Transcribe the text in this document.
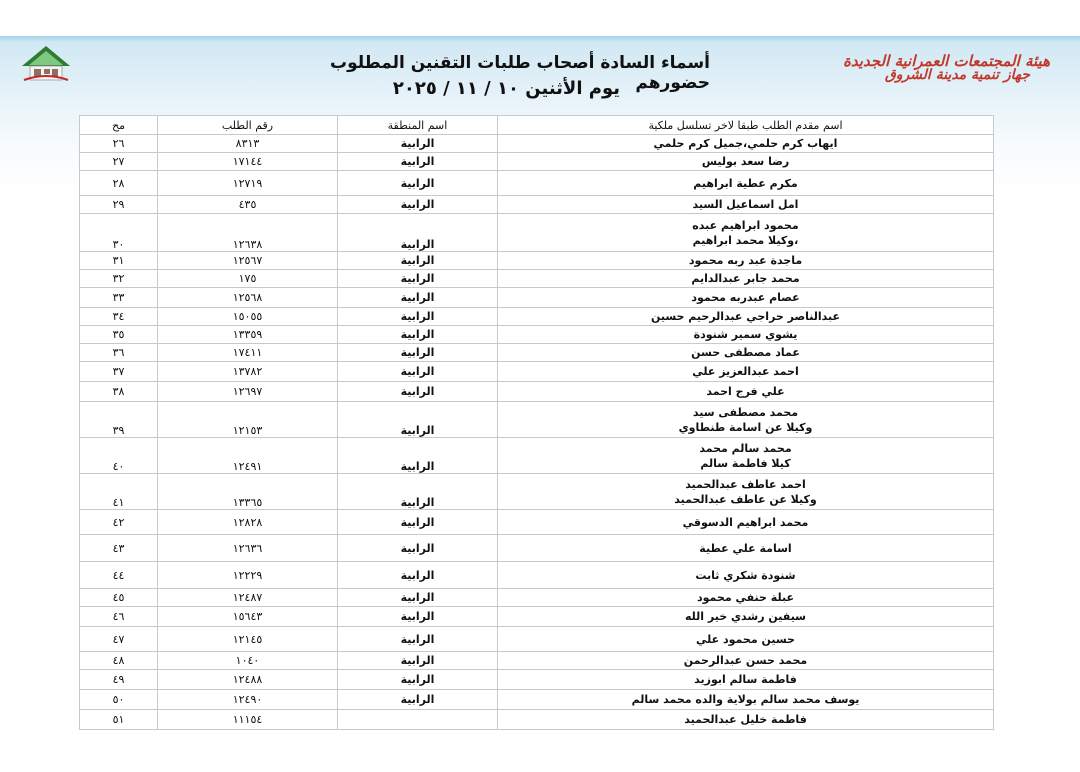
هيئة المجتمعات العمرانية الجديدة
جهاز تنمية مدينة الشروق
أسماء السادة أصحاب طلبات التقنين المطلوب حضورهم
يوم الأثنين ١٠ / ١١ / ٢٠٢٥
مح	رقم الطلب	اسم المنطقة	اسم مقدم الطلب طبقا لاخر تسلسل ملكية
٢٦	٨٣١٣	الرابية	ايهاب كرم حلمي،جميل كرم حلمي

٢٧	١٧١٤٤	الرابية	رضا سعد بوليس

٢٨	١٢٧١٩	الرابية	مكرم عطية ابراهيم

٢٩	٤٣٥	الرابية	امل اسماعيل السيد

٣٠	١٢٦٣٨	الرابية	محمود ابراهيم عبده
،وكيلا محمد ابراهيم

٣١	١٢٥٦٧	الرابية	ماجدة عبد ربه محمود

٣٢	١٧٥	الرابية	محمد جابر عبدالدايم

٣٣	١٢٥٦٨	الرابية	عصام عبدربه محمود

٣٤	١٥٠٥٥	الرابية	عبدالناصر حراجي عبدالرحيم حسين

٣٥	١٣٣٥٩	الرابية	يشوي سمير شنودة

٣٦	١٧٤١١	الرابية	عماد مصطفى حسن

٣٧	١٣٧٨٢	الرابية	احمد عبدالعزيز علي

٣٨	١٢٦٩٧	الرابية	علي فرج احمد

٣٩	١٢١٥٣	الرابية	محمد مصطفى سيد
وكيلا عن اسامة طنطاوي

٤٠	١٢٤٩١	الرابية	محمد سالم محمد
كيلا فاطمة سالم

٤١	١٣٣٦٥	الرابية	احمد عاطف عبدالحميد
وكيلا عن عاطف عبدالحميد

٤٢	١٢٨٢٨	الرابية	محمد ابراهيم الدسوقي

٤٣	١٢٦٣٦	الرابية	اسامة علي عطية

٤٤	١٢٢٢٩	الرابية	شنودة شكري ثابت

٤٥	١٢٤٨٧	الرابية	عبلة حنفي محمود

٤٦	١٥٦٤٣	الرابية	سيفين رشدي خير الله

٤٧	١٢١٤٥	الرابية	حسين محمود علي

٤٨	١٠٤٠	الرابية	محمد حسن عبدالرحمن

٤٩	١٢٤٨٨	الرابية	فاطمة سالم ابوزيد

٥٠	١٢٤٩٠	الرابية	يوسف محمد سالم بولاية والده محمد سالم

٥١	١١١٥٤		فاطمة خليل عبدالحميد
